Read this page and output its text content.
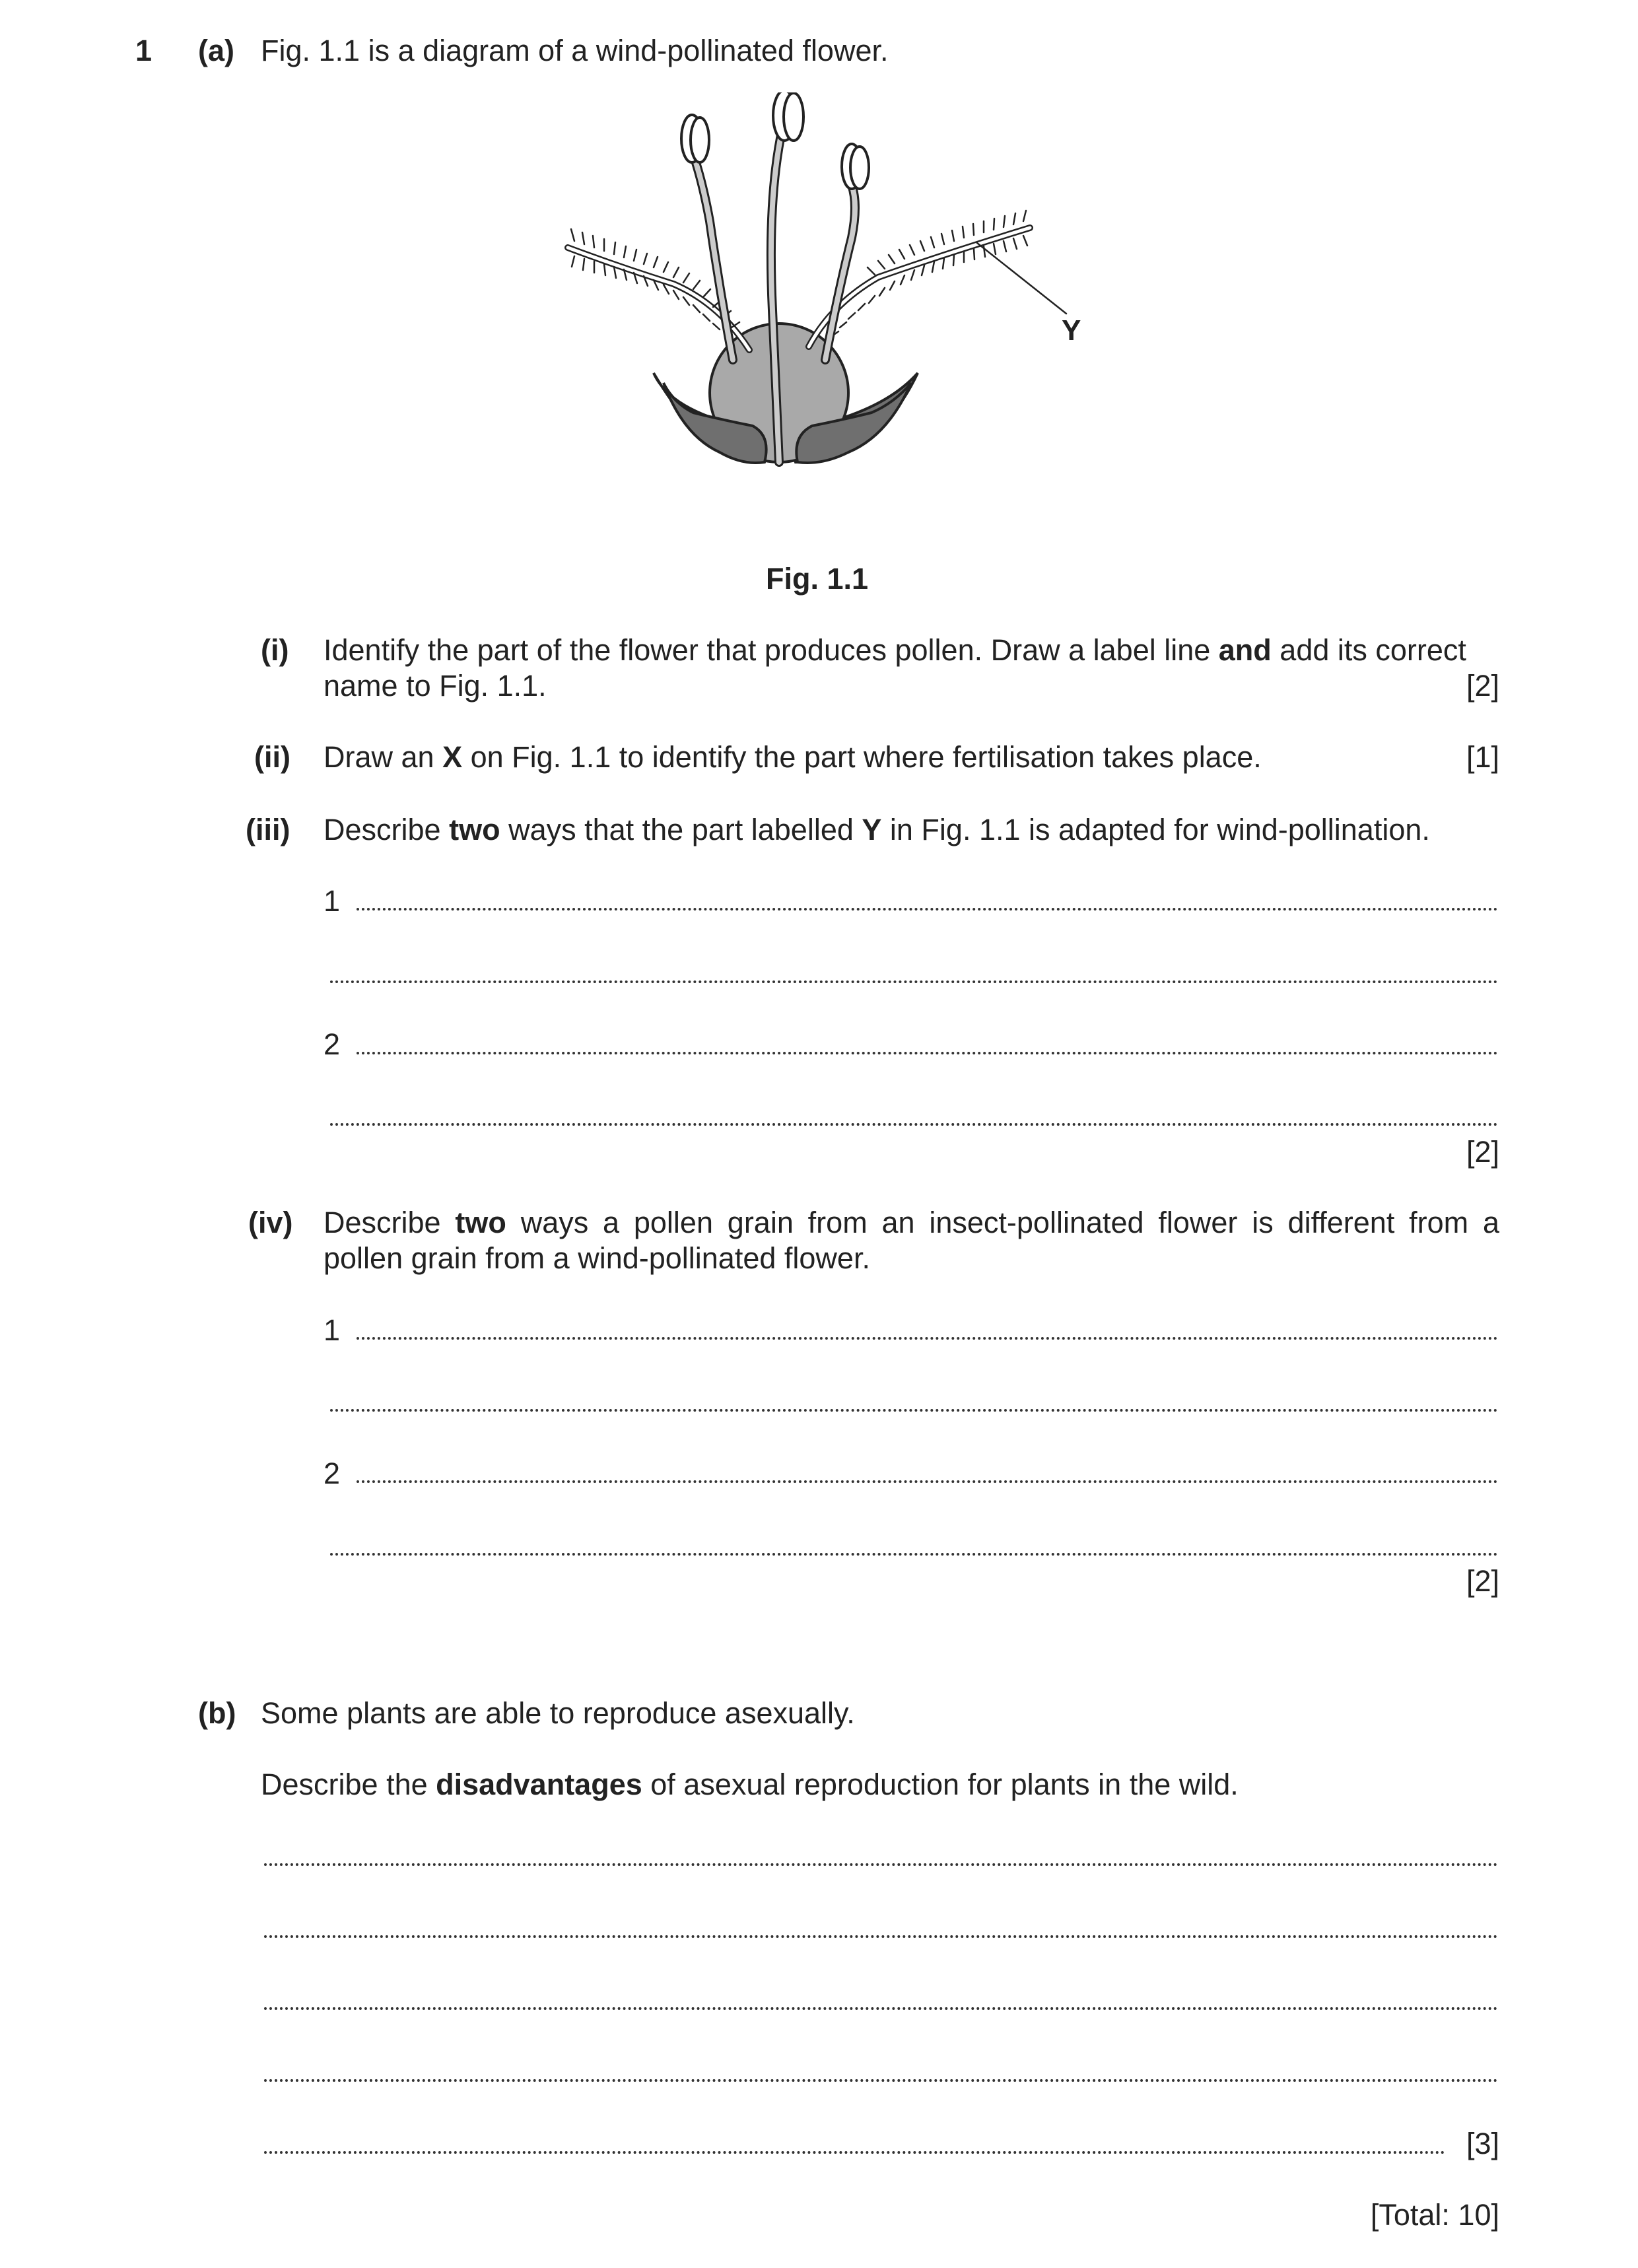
1 (a) Fig. 1.1 is a diagram of a wind-pollinated flower.
Y
Fig. 1.1
(i) Identify the part of the flower that produces pollen. Draw a label line and add its correct
name to Fig. 1.1.	[2]
(ii) Draw an X on Fig. 1.1 to identify the part where fertilisation takes place.	[1]
(iii) Describe two ways that the part labelled Y in Fig. 1.1 is adapted for wind-pollination.
1
2
[2]
(iv) Describe two ways a pollen grain from an insect-pollinated flower is different from a
pollen grain from a wind-pollinated flower.
1
2
[2]
(b) Some plants are able to reproduce asexually.
Describe the disadvantages of asexual reproduction for plants in the wild.
[3]
[Total: 10]
